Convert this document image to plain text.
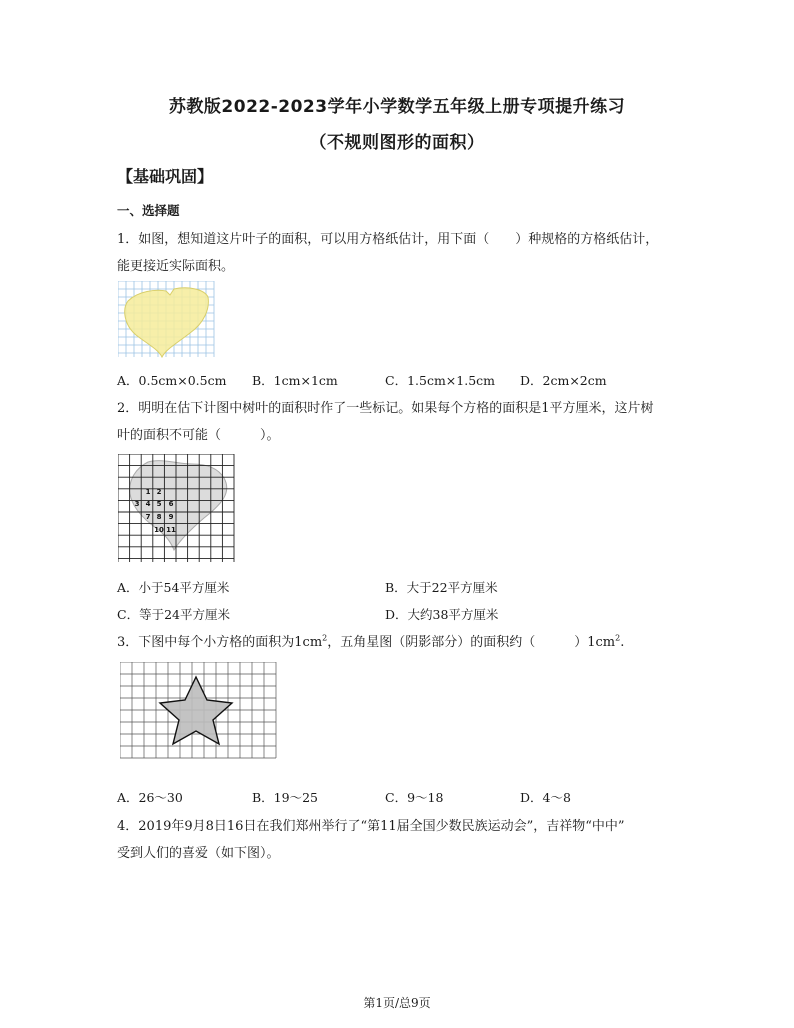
苏教版2022-2023学年小学数学五年级上册专项提升练习
（不规则图形的面积）
【基础巩固】
一、选择题
1．如图，想知道这片叶子的面积，可以用方格纸估计，用下面（　　）种规格的方格纸估计，
能更接近实际面积。
A．0.5cm×0.5cm B．1cm×1cm	C．1.5cm×1.5cm D．2cm×2cm
2．明明在估下计图中树叶的面积时作了一些标记。如果每个方格的面积是1平方厘米，这片树
叶的面积不可能（　　　）。
1 2
3 4 5 6
7 8 9
10 11
A．小于54平方厘米	B．大于22平方厘米
C．等于24平方厘米	D．大约38平方厘米
3．下图中每个小方格的面积为$1cm^2$，五角星图（阴影部分）的面积约（　　　）$1cm^2$.
A．26～30	B．19～25	C．9～18	D．4～8
4．2019年9月8日16日在我们郑州举行了“第11届全国少数民族运动会”，吉祥物“中中”
受到人们的喜爱（如下图）。
第1页/总9页
